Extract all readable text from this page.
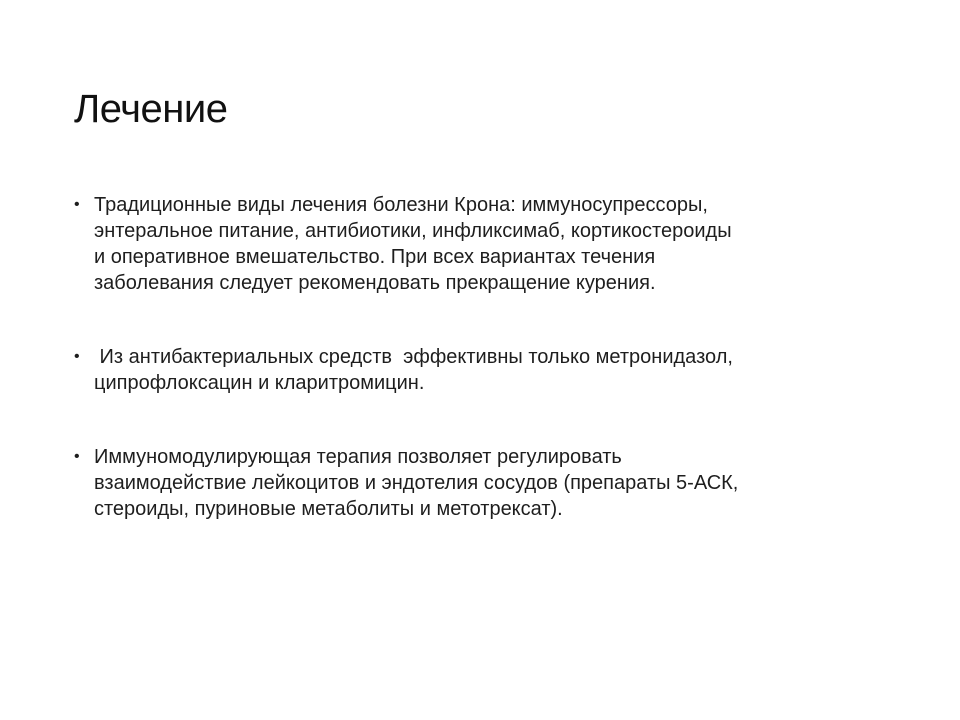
Лечение
• Традиционные виды лечения болезни Крона: иммуносупрессоры,
энтеральное питание, антибиотики, инфликсимаб, кортикостероиды
и оперативное вмешательство. При всех вариантах течения
заболевания следует рекомендовать прекращение курения.
• Из антибактериальных средств  эффективны только метронидазол,
ципрофлоксацин и кларитромицин.
• Иммуномодулирующая терапия позволяет регулировать
взаимодействие лейкоцитов и эндотелия сосудов (препараты 5-АСК,
стероиды, пуриновые метаболиты и метотрексат).
